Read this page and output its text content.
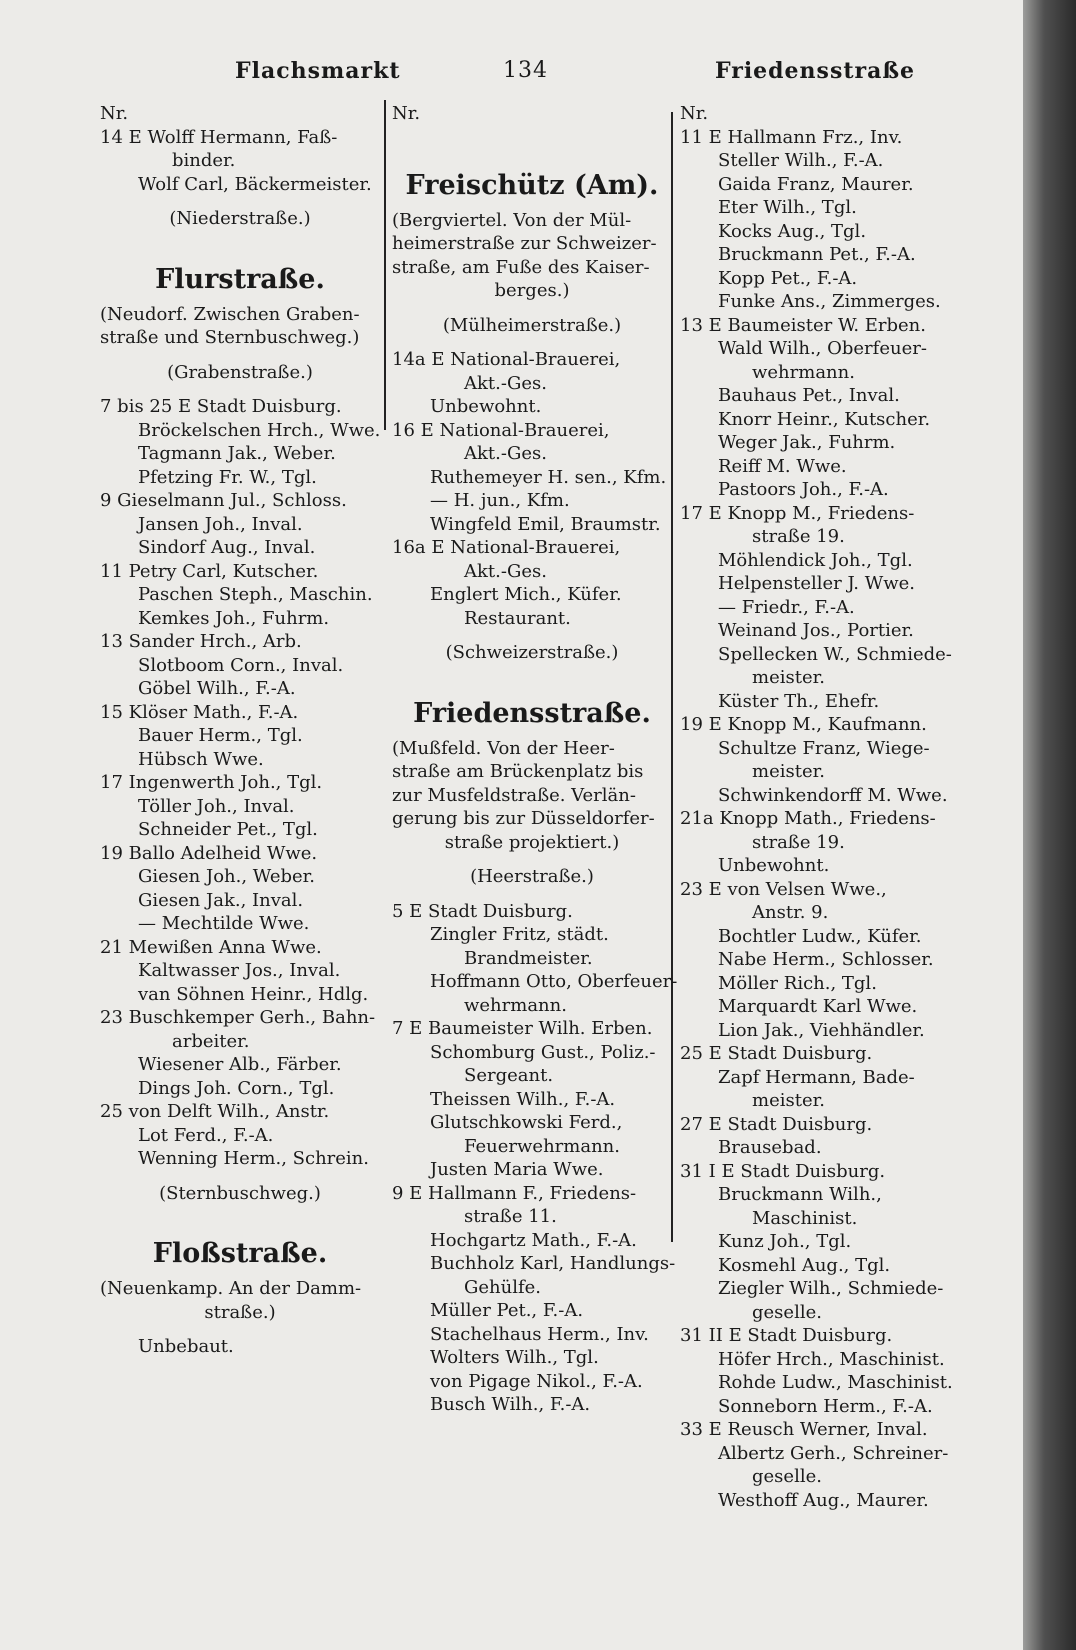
Flachsmarkt	134	Friedensstraße
Nr.
14 E Wolff Hermann, Faß-
binder.
Wolf Carl, Bäckermeister.
(Niederstraße.)
Flurstraße.
(Neudorf. Zwischen Graben-
straße und Sternbuschweg.)
(Grabenstraße.)
7 bis 25 E Stadt Duisburg.
Bröckelschen Hrch., Wwe.
Tagmann Jak., Weber.
Pfetzing Fr. W., Tgl.
9 Gieselmann Jul., Schloss.
Jansen Joh., Inval.
Sindorf Aug., Inval.
11 Petry Carl, Kutscher.
Paschen Steph., Maschin.
Kemkes Joh., Fuhrm.
13 Sander Hrch., Arb.
Slotboom Corn., Inval.
Göbel Wilh., F.-A.
15 Klöser Math., F.-A.
Bauer Herm., Tgl.
Hübsch Wwe.
17 Ingenwerth Joh., Tgl.
Töller Joh., Inval.
Schneider Pet., Tgl.
19 Ballo Adelheid Wwe.
Giesen Joh., Weber.
Giesen Jak., Inval.
— Mechtilde Wwe.
21 Mewißen Anna Wwe.
Kaltwasser Jos., Inval.
van Söhnen Heinr., Hdlg.
23 Buschkemper Gerh., Bahn-
arbeiter.
Wiesener Alb., Färber.
Dings Joh. Corn., Tgl.
25 von Delft Wilh., Anstr.
Lot Ferd., F.-A.
Wenning Herm., Schrein.
(Sternbuschweg.)
Floßstraße.
(Neuenkamp. An der Damm-
straße.)
Unbebaut.
Nr.
Freischütz (Am).
(Bergviertel. Von der Mül-
heimerstraße zur Schweizer-
straße, am Fuße des Kaiser-
berges.)
(Mülheimerstraße.)
14a E National-Brauerei,
Akt.-Ges.
Unbewohnt.
16 E National-Brauerei,
Akt.-Ges.
Ruthemeyer H. sen., Kfm.
— H. jun., Kfm.
Wingfeld Emil, Braumstr.
16a E National-Brauerei,
Akt.-Ges.
Englert Mich., Küfer.
Restaurant.
(Schweizerstraße.)
Friedensstraße.
(Mußfeld. Von der Heer-
straße am Brückenplatz bis
zur Musfeldstraße. Verlän-
gerung bis zur Düsseldorfer-
straße projektiert.)
(Heerstraße.)
5 E Stadt Duisburg.
Zingler Fritz, städt.
Brandmeister.
Hoffmann Otto, Oberfeuer-
wehrmann.
7 E Baumeister Wilh. Erben.
Schomburg Gust., Poliz.-
Sergeant.
Theissen Wilh., F.-A.
Glutschkowski Ferd.,
Feuerwehrmann.
Justen Maria Wwe.
9 E Hallmann F., Friedens-
straße 11.
Hochgartz Math., F.-A.
Buchholz Karl, Handlungs-
Gehülfe.
Müller Pet., F.-A.
Stachelhaus Herm., Inv.
Wolters Wilh., Tgl.
von Pigage Nikol., F.-A.
Busch Wilh., F.-A.
Nr.
11 E Hallmann Frz., Inv.
Steller Wilh., F.-A.
Gaida Franz, Maurer.
Eter Wilh., Tgl.
Kocks Aug., Tgl.
Bruckmann Pet., F.-A.
Kopp Pet., F.-A.
Funke Ans., Zimmerges.
13 E Baumeister W. Erben.
Wald Wilh., Oberfeuer-
wehrmann.
Bauhaus Pet., Inval.
Knorr Heinr., Kutscher.
Weger Jak., Fuhrm.
Reiff M. Wwe.
Pastoors Joh., F.-A.
17 E Knopp M., Friedens-
straße 19.
Möhlendick Joh., Tgl.
Helpensteller J. Wwe.
— Friedr., F.-A.
Weinand Jos., Portier.
Spellecken W., Schmiede-
meister.
Küster Th., Ehefr.
19 E Knopp M., Kaufmann.
Schultze Franz, Wiege-
meister.
Schwinkendorff M. Wwe.
21a Knopp Math., Friedens-
straße 19.
Unbewohnt.
23 E von Velsen Wwe.,
Anstr. 9.
Bochtler Ludw., Küfer.
Nabe Herm., Schlosser.
Möller Rich., Tgl.
Marquardt Karl Wwe.
Lion Jak., Viehhändler.
25 E Stadt Duisburg.
Zapf Hermann, Bade-
meister.
27 E Stadt Duisburg.
Brausebad.
31 I E Stadt Duisburg.
Bruckmann Wilh.,
Maschinist.
Kunz Joh., Tgl.
Kosmehl Aug., Tgl.
Ziegler Wilh., Schmiede-
geselle.
31 II E Stadt Duisburg.
Höfer Hrch., Maschinist.
Rohde Ludw., Maschinist.
Sonneborn Herm., F.-A.
33 E Reusch Werner, Inval.
Albertz Gerh., Schreiner-
geselle.
Westhoff Aug., Maurer.
